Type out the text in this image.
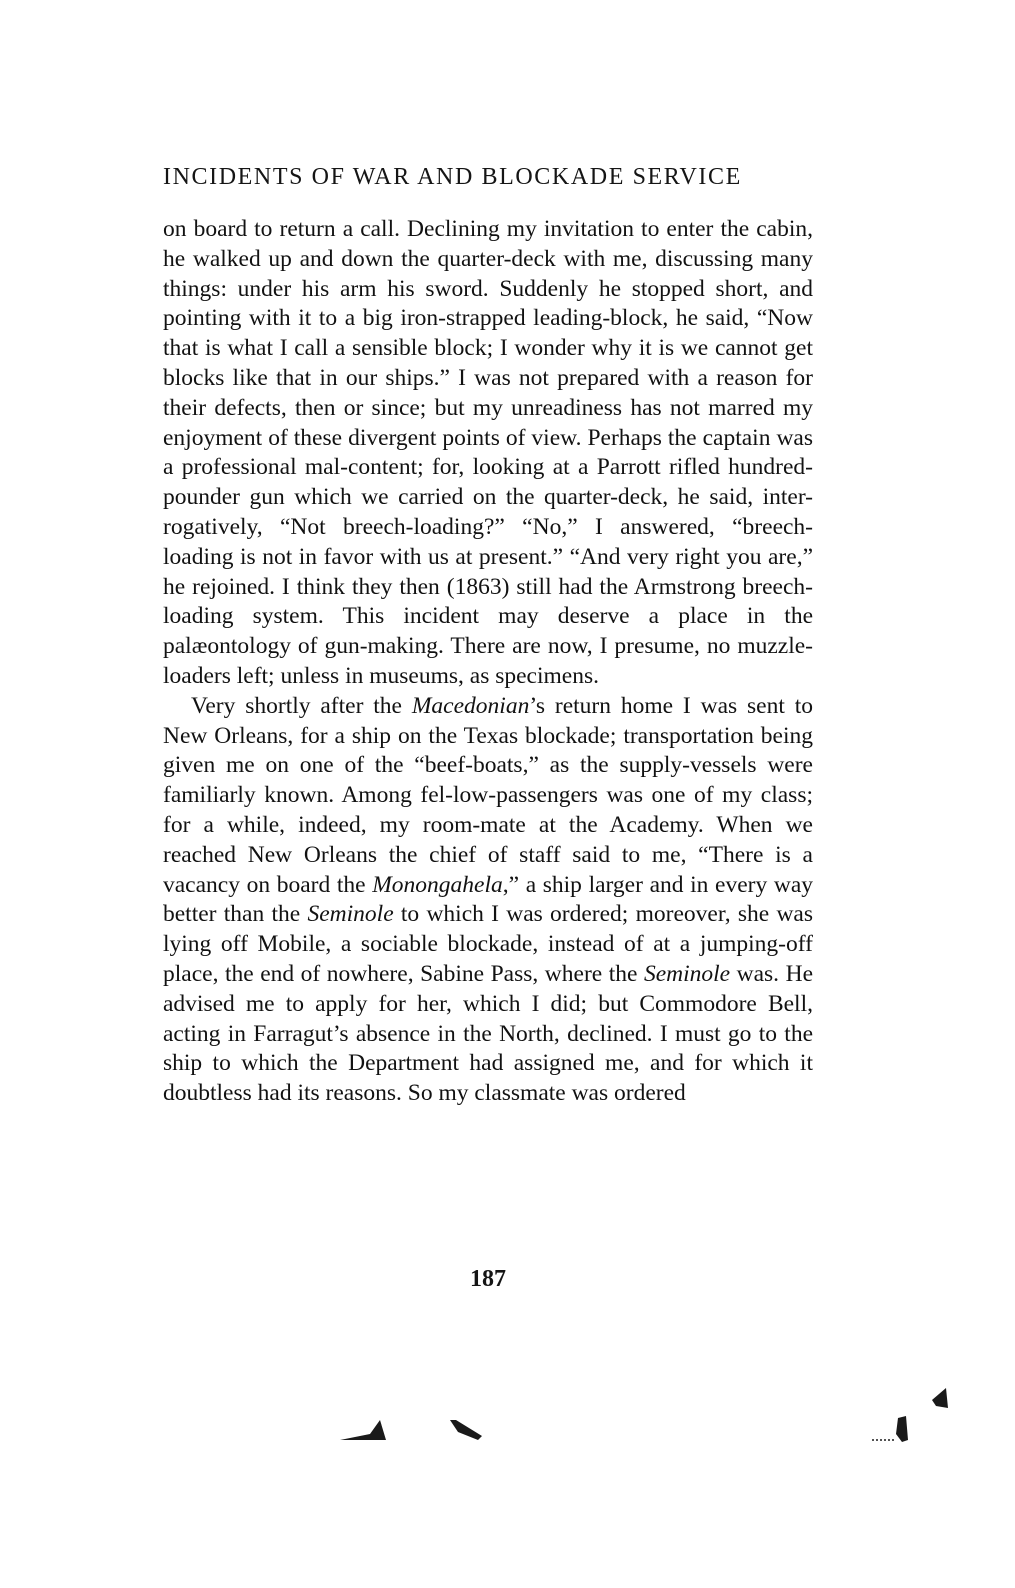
INCIDENTS OF WAR AND BLOCKADE SERVICE

on board to return a call. Declining my invitation to enter the cabin, he walked up and down the quarter-deck with me, discussing many things: under his arm his sword. Suddenly he stopped short, and pointing with it to a big iron-strapped leading-block, he said, “Now that is what I call a sensible block; I wonder why it is we cannot get blocks like that in our ships.” I was not prepared with a reason for their defects, then or since; but my unreadiness has not marred my enjoyment of these divergent points of view. Perhaps the captain was a professional mal-content; for, looking at a Parrott rifled hundred-pounder gun which we carried on the quarter-deck, he said, inter-rogatively, “Not breech-loading?” “No,” I answered, “breech-loading is not in favor with us at present.” “And very right you are,” he rejoined. I think they then (1863) still had the Armstrong breech-loading system. This incident may deserve a place in the palæontology of gun-making. There are now, I presume, no muzzle-loaders left; unless in museums, as specimens.

Very shortly after the Macedonian’s return home I was sent to New Orleans, for a ship on the Texas blockade; transportation being given me on one of the “beef-boats,” as the supply-vessels were familiarly known. Among fel-low-passengers was one of my class; for a while, indeed, my room-mate at the Academy. When we reached New Orleans the chief of staff said to me, “There is a vacancy on board the Monongahela,” a ship larger and in every way better than the Seminole to which I was ordered; moreover, she was lying off Mobile, a sociable blockade, instead of at a jumping-off place, the end of nowhere, Sabine Pass, where the Seminole was. He advised me to apply for her, which I did; but Commodore Bell, acting in Farragut’s absence in the North, declined. I must go to the ship to which the Department had assigned me, and for which it doubtless had its reasons. So my classmate was ordered

187
